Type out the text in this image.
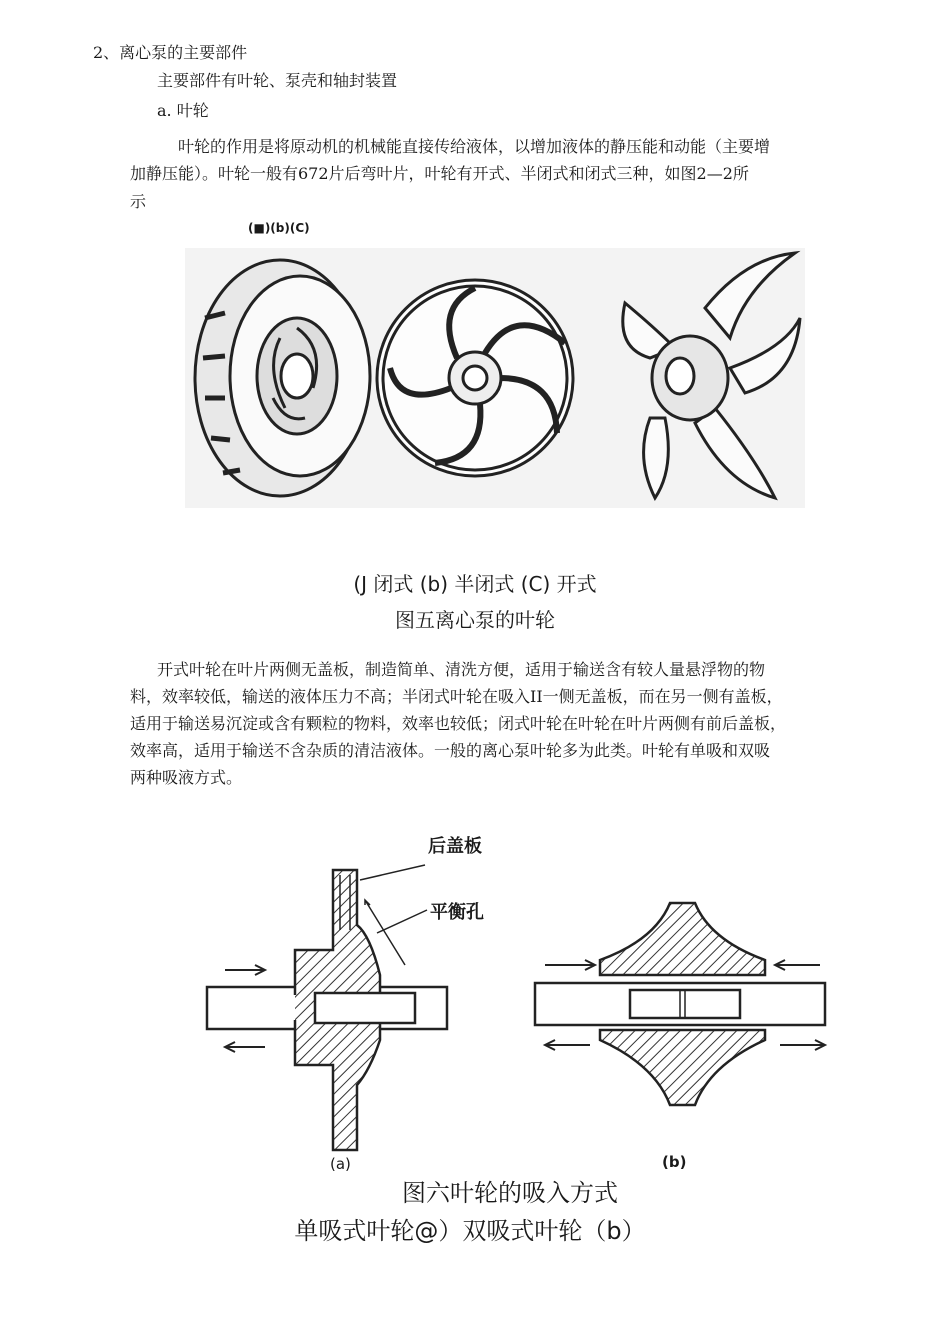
2、离心泵的主要部件
主要部件有叶轮、泵壳和轴封装置
a. 叶轮
叶轮的作用是将原动机的机械能直接传给液体，以增加液体的静压能和动能（主要增
加静压能）。叶轮一般有672片后弯叶片，叶轮有开式、半闭式和闭式三种，如图2—2所
示
(■)(b)(C)
(J 闭式 (b) 半闭式 (C) 开式
图五离心泵的叶轮
开式叶轮在叶片两侧无盖板，制造简单、清洗方便，适用于输送含有较人量悬浮物的物
料，效率较低，输送的液体压力不高；半闭式叶轮在吸入II一侧无盖板，而在另一侧有盖板，
适用于输送易沉淀或含有颗粒的物料，效率也较低；闭式叶轮在叶轮在叶片两侧有前后盖板，
效率高，适用于输送不含杂质的清洁液体。一般的离心泵叶轮多为此类。叶轮有单吸和双吸
两种吸液方式。
后盖板
平衡孔
(a)	(b)
图六叶轮的吸入方式
单吸式叶轮@）双吸式叶轮（b）
